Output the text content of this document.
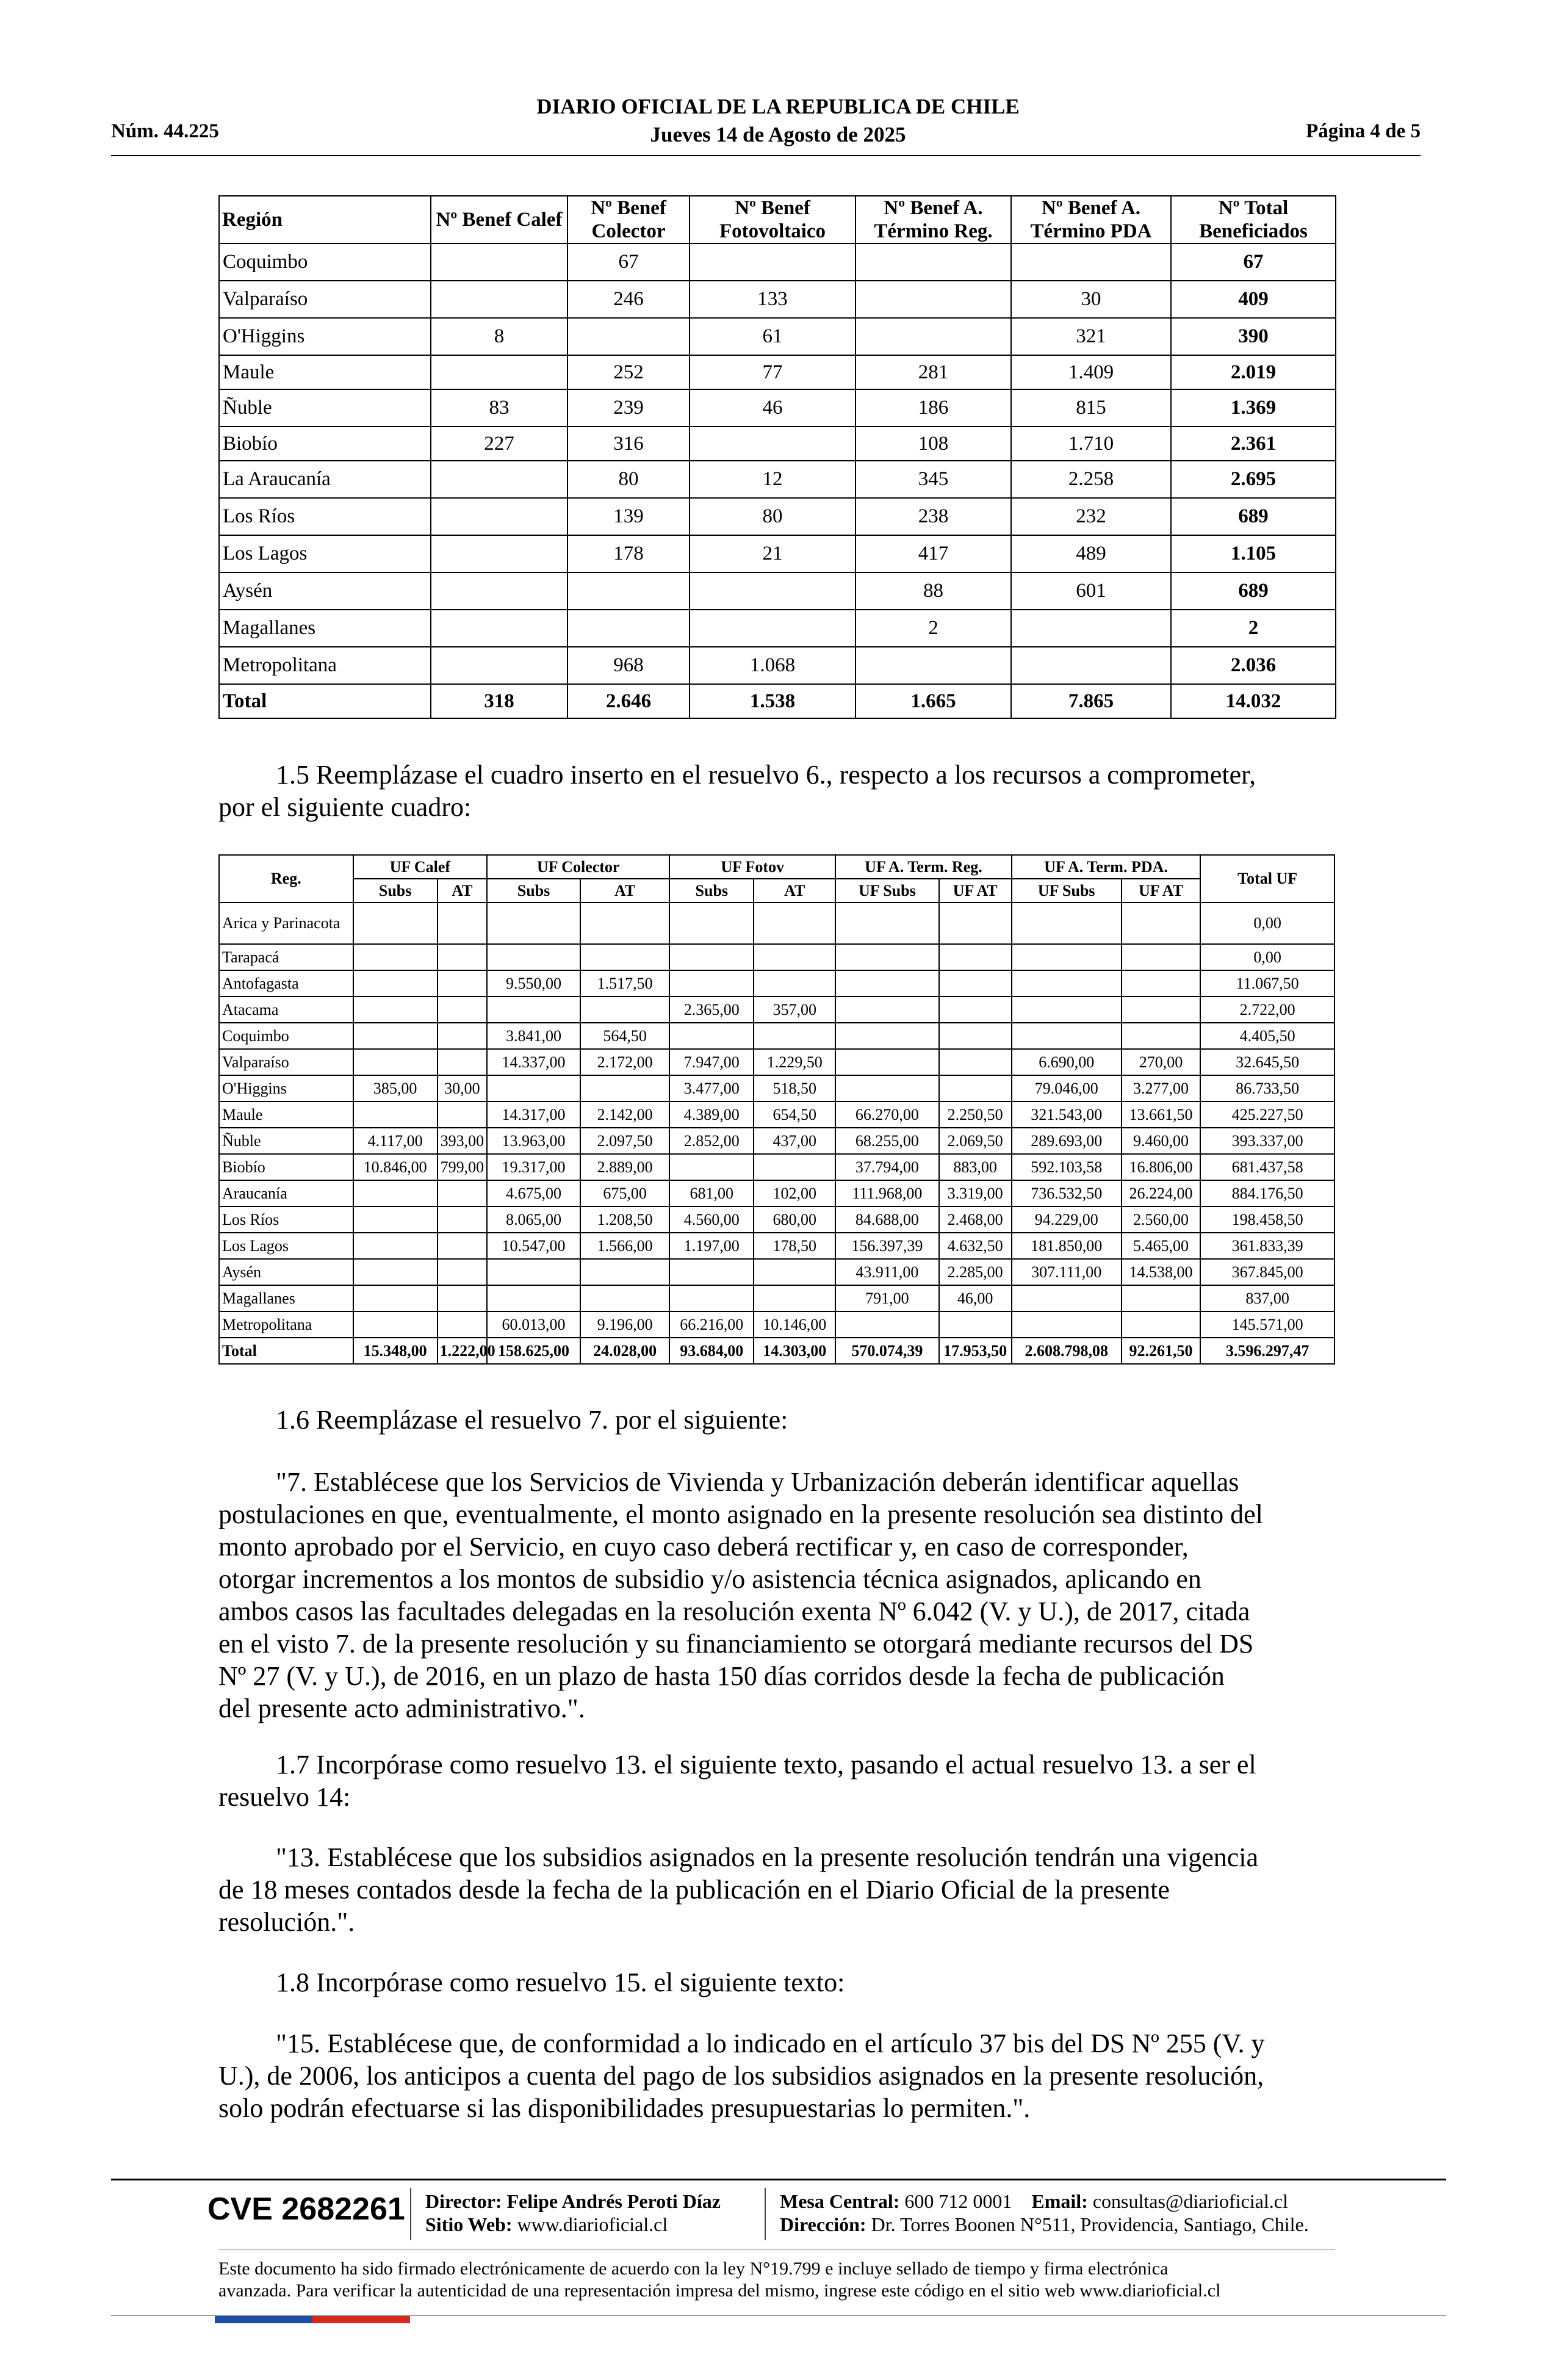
Núm. 44.225
DIARIO OFICIAL DE LA REPUBLICA DE CHILE
Jueves 14 de Agosto de 2025	Página 4 de 5
Región	Nº Benef Calef	Nº Benef Colector	Nº Benef Fotovoltaico	Nº Benef A. Término Reg.	Nº Benef A. Término PDA	Nº Total Beneficiados
Coquimbo		67				67
Valparaíso		246	133		30	409
O'Higgins	8		61		321	390
Maule		252	77	281	1.409	2.019
Ñuble	83	239	46	186	815	1.369
Biobío	227	316		108	1.710	2.361
La Araucanía		80	12	345	2.258	2.695
Los Ríos		139	80	238	232	689
Los Lagos		178	21	417	489	1.105
Aysén				88	601	689
Magallanes				2		2
Metropolitana		968	1.068			2.036
Total	318	2.646	1.538	1.665	7.865	14.032
1.5 Reemplázase el cuadro inserto en el resuelvo 6., respecto a los recursos a comprometer,
por el siguiente cuadro:
Reg.	UF Calef		UF Colector		UF Fotov		UF A. Term. Reg.		UF A. Term. PDA.		Total UF
	Subs	AT	Subs	AT	Subs	AT	UF Subs	UF AT	UF Subs	UF AT	
Arica y Parinacota											0,00
Tarapacá											0,00
Antofagasta			9.550,00	1.517,50							11.067,50
Atacama					2.365,00	357,00					2.722,00
Coquimbo			3.841,00	564,50							4.405,50
Valparaíso			14.337,00	2.172,00	7.947,00	1.229,50			6.690,00	270,00	32.645,50
O'Higgins	385,00	30,00			3.477,00	518,50			79.046,00	3.277,00	86.733,50
Maule			14.317,00	2.142,00	4.389,00	654,50	66.270,00	2.250,50	321.543,00	13.661,50	425.227,50
Ñuble	4.117,00	393,00	13.963,00	2.097,50	2.852,00	437,00	68.255,00	2.069,50	289.693,00	9.460,00	393.337,00
Biobío	10.846,00	799,00	19.317,00	2.889,00			37.794,00	883,00	592.103,58	16.806,00	681.437,58
Araucanía			4.675,00	675,00	681,00	102,00	111.968,00	3.319,00	736.532,50	26.224,00	884.176,50
Los Ríos			8.065,00	1.208,50	4.560,00	680,00	84.688,00	2.468,00	94.229,00	2.560,00	198.458,50
Los Lagos			10.547,00	1.566,00	1.197,00	178,50	156.397,39	4.632,50	181.850,00	5.465,00	361.833,39
Aysén							43.911,00	2.285,00	307.111,00	14.538,00	367.845,00
Magallanes							791,00	46,00			837,00
Metropolitana			60.013,00	9.196,00	66.216,00	10.146,00					145.571,00
Total	15.348,00	1.222,00	158.625,00	24.028,00	93.684,00	14.303,00	570.074,39	17.953,50	2.608.798,08	92.261,50	3.596.297,47
1.6 Reemplázase el resuelvo 7. por el siguiente:
"7. Establécese que los Servicios de Vivienda y Urbanización deberán identificar aquellas
postulaciones en que, eventualmente, el monto asignado en la presente resolución sea distinto del
monto aprobado por el Servicio, en cuyo caso deberá rectificar y, en caso de corresponder,
otorgar incrementos a los montos de subsidio y/o asistencia técnica asignados, aplicando en
ambos casos las facultades delegadas en la resolución exenta Nº 6.042 (V. y U.), de 2017, citada
en el visto 7. de la presente resolución y su financiamiento se otorgará mediante recursos del DS
Nº 27 (V. y U.), de 2016, en un plazo de hasta 150 días corridos desde la fecha de publicación
del presente acto administrativo.".
1.7 Incorpórase como resuelvo 13. el siguiente texto, pasando el actual resuelvo 13. a ser el
resuelvo 14:
"13. Establécese que los subsidios asignados en la presente resolución tendrán una vigencia
de 18 meses contados desde la fecha de la publicación en el Diario Oficial de la presente
resolución.".
1.8 Incorpórase como resuelvo 15. el siguiente texto:
"15. Establécese que, de conformidad a lo indicado en el artículo 37 bis del DS Nº 255 (V. y
U.), de 2006, los anticipos a cuenta del pago de los subsidios asignados en la presente resolución,
solo podrán efectuarse si las disponibilidades presupuestarias lo permiten.".
CVE 2682261 Director: Felipe Andrés Peroti Díaz
Sitio Web: www.diarioficial.cl
Mesa Central: 600 712 0001 Email: consultas@diarioficial.cl
Dirección: Dr. Torres Boonen N°511, Providencia, Santiago, Chile.
Este documento ha sido firmado electrónicamente de acuerdo con la ley N°19.799 e incluye sellado de tiempo y firma electrónica
avanzada. Para verificar la autenticidad de una representación impresa del mismo, ingrese este código en el sitio web www.diarioficial.cl
